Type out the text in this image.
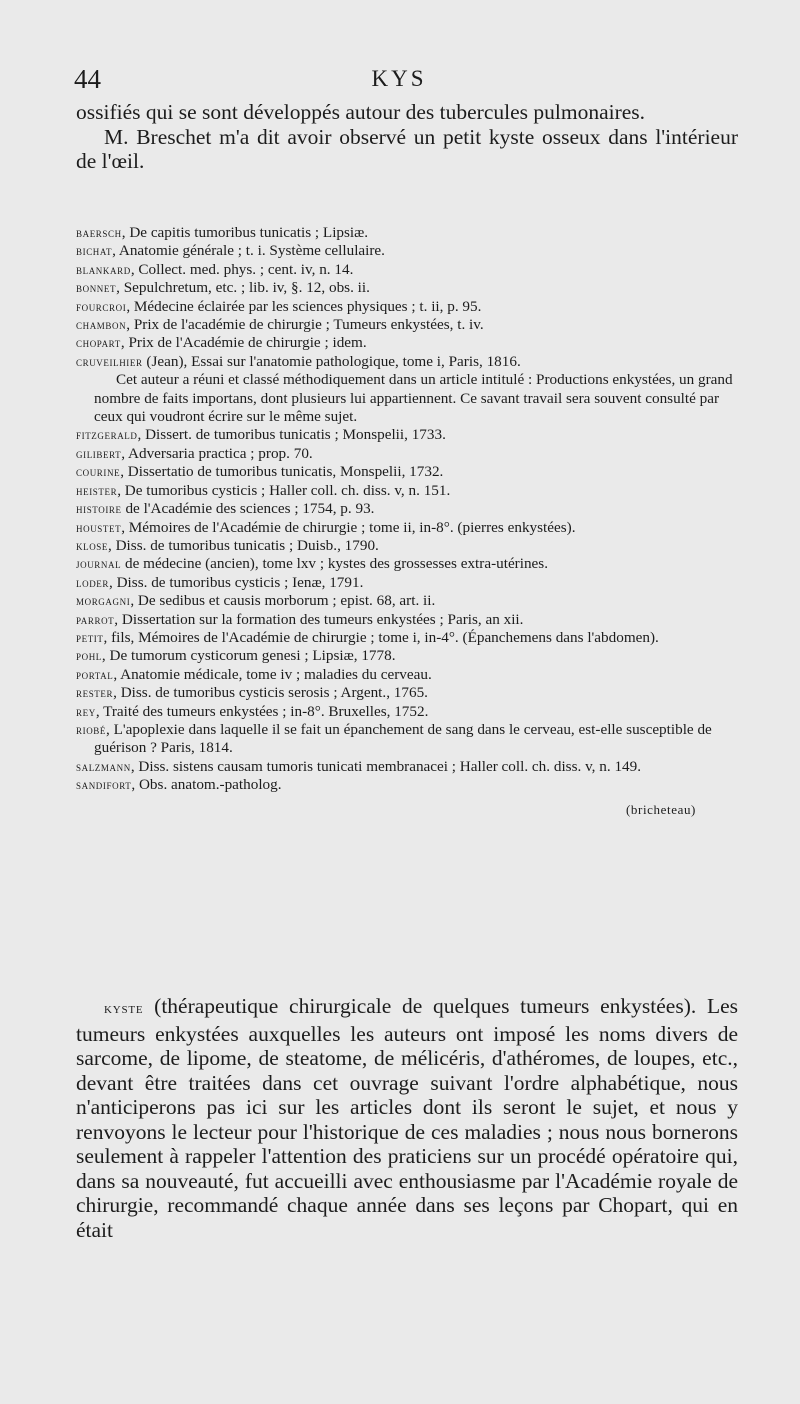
44	KYS

ossifiés qui se sont développés autour des tubercules pulmonaires.

M. Breschet m'a dit avoir observé un petit kyste osseux dans l'intérieur de l'œil.

baersch, De capitis tumoribus tunicatis ; Lipsiæ.

bichat, Anatomie générale ; t. i. Système cellulaire.

blankard, Collect. med. phys. ; cent. iv, n. 14.

bonnet, Sepulchretum, etc. ; lib. iv, §. 12, obs. ii.

fourcroi, Médecine éclairée par les sciences physiques ; t. ii, p. 95.

chambon, Prix de l'académie de chirurgie ; Tumeurs enkystées, t. iv.

chopart, Prix de l'Académie de chirurgie ; idem.

cruveilhier (Jean), Essai sur l'anatomie pathologique, tome i, Paris, 1816.

Cet auteur a réuni et classé méthodiquement dans un article intitulé : Productions enkystées, un grand nombre de faits importans, dont plusieurs lui appartiennent. Ce savant travail sera souvent consulté par ceux qui voudront écrire sur le même sujet.

fitzgerald, Dissert. de tumoribus tunicatis ; Monspelii, 1733.

gilibert, Adversaria practica ; prop. 70.

courine, Dissertatio de tumoribus tunicatis, Monspelii, 1732.

heister, De tumoribus cysticis ; Haller coll. ch. diss. v, n. 151.

histoire de l'Académie des sciences ; 1754, p. 93.

houstet, Mémoires de l'Académie de chirurgie ; tome ii, in-8°. (pierres enkystées).

klose, Diss. de tumoribus tunicatis ; Duisb., 1790.

journal de médecine (ancien), tome lxv ; kystes des grossesses extra-utérines.

loder, Diss. de tumoribus cysticis ; Ienæ, 1791.

morgagni, De sedibus et causis morborum ; epist. 68, art. ii.

parrot, Dissertation sur la formation des tumeurs enkystées ; Paris, an xii.

petit, fils, Mémoires de l'Académie de chirurgie ; tome i, in-4°. (Épanchemens dans l'abdomen).

pohl, De tumorum cysticorum genesi ; Lipsiæ, 1778.

portal, Anatomie médicale, tome iv ; maladies du cerveau.

rester, Diss. de tumoribus cysticis serosis ; Argent., 1765.

rey, Traité des tumeurs enkystées ; in-8°. Bruxelles, 1752.

riobé, L'apoplexie dans laquelle il se fait un épanchement de sang dans le cerveau, est-elle susceptible de guérison ? Paris, 1814.

salzmann, Diss. sistens causam tumoris tunicati membranacei ; Haller coll. ch. diss. v, n. 149.

sandifort, Obs. anatom.-patholog.

(bricheteau)

kyste (thérapeutique chirurgicale de quelques tumeurs enkystées). Les tumeurs enkystées auxquelles les auteurs ont imposé les noms divers de sarcome, de lipome, de steatome, de mélicéris, d'athéromes, de loupes, etc., devant être traitées dans cet ouvrage suivant l'ordre alphabétique, nous n'anticiperons pas ici sur les articles dont ils seront le sujet, et nous y renvoyons le lecteur pour l'historique de ces maladies ; nous nous bornerons seulement à rappeler l'attention des praticiens sur un procédé opératoire qui, dans sa nouveauté, fut accueilli avec enthousiasme par l'Académie royale de chirurgie, recommandé chaque année dans ses leçons par Chopart, qui en était
